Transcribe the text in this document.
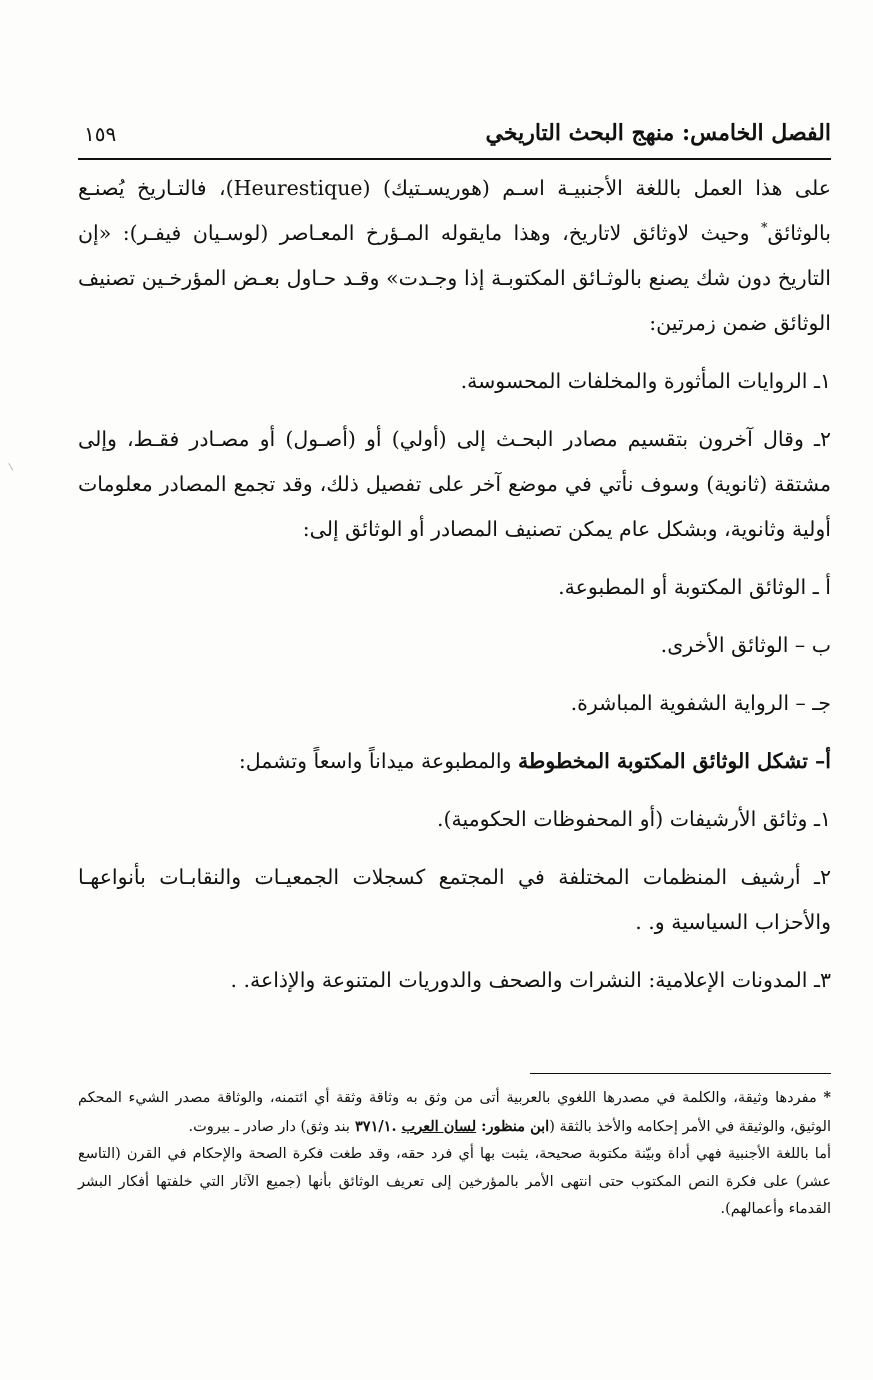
الفصل الخامس: منهج البحث التاريخي
١٥٩

على هذا العمل باللغة الأجنبيـة اسـم (هوريسـتيك) (Heurestique)، فالتـاريخ يُصنـع بالوثائق* وحيث لاوثائق لاتاريخ، وهذا مايقوله المـؤرخ المعـاصر (لوسـيان فيفـر): «إن التاريخ دون شك يصنع بالوثـائق المكتوبـة إذا وجـدت» وقـد حـاول بعـض المؤرخـين تصنيف الوثائق ضمن زمرتين:

١ـ الروايات المأثورة والمخلفات المحسوسة.

٢ـ وقال آخرون بتقسيم مصادر البحـث إلى (أولي) أو (أصـول) أو مصـادر فقـط، وإلى مشتقة (ثانوية) وسوف نأتي في موضع آخر على تفصيل ذلك، وقد تجمع المصادر معلومات أولية وثانوية، وبشكل عام يمكن تصنيف المصادر أو الوثائق إلى:

أ ـ الوثائق المكتوبة أو المطبوعة.

ب – الوثائق الأخرى.

جـ – الرواية الشفوية المباشرة.

أ– تشكل الوثائق المكتوبة المخطوطة والمطبوعة ميداناً واسعاً وتشمل:

١ـ وثائق الأرشيفات (أو المحفوظات الحكومية).

٢ـ أرشيف المنظمات المختلفة في المجتمع كسجلات الجمعيـات والنقابـات بأنواعهـا والأحزاب السياسية و. .

٣ـ المدونات الإعلامية: النشرات والصحف والدوريات المتنوعة والإذاعة. .

* مفردها وثيقة، والكلمة في مصدرها اللغوي بالعربية أتى من وثق به وثاقة وثقة أي ائتمنه، والوثاقة مصدر الشيء المحكم الوثيق، والوثيقة في الأمر إحكامه والأخذ بالثقة (ابن منظور: لسان العرب .٣٧١/١ بند وثق) دار صادر ـ بيروت.

أما باللغة الأجنبية فهي أداة وبيّنة مكتوبة صحيحة، يثبت بها أي فرد حقه، وقد طغت فكرة الصحة والإحكام في القرن (التاسع عشر) على فكرة النص المكتوب حتى انتهى الأمر بالمؤرخين إلى تعريف الوثائق بأنها (جميع الآثار التي خلفتها أفكار البشر القدماء وأعمالهم).
